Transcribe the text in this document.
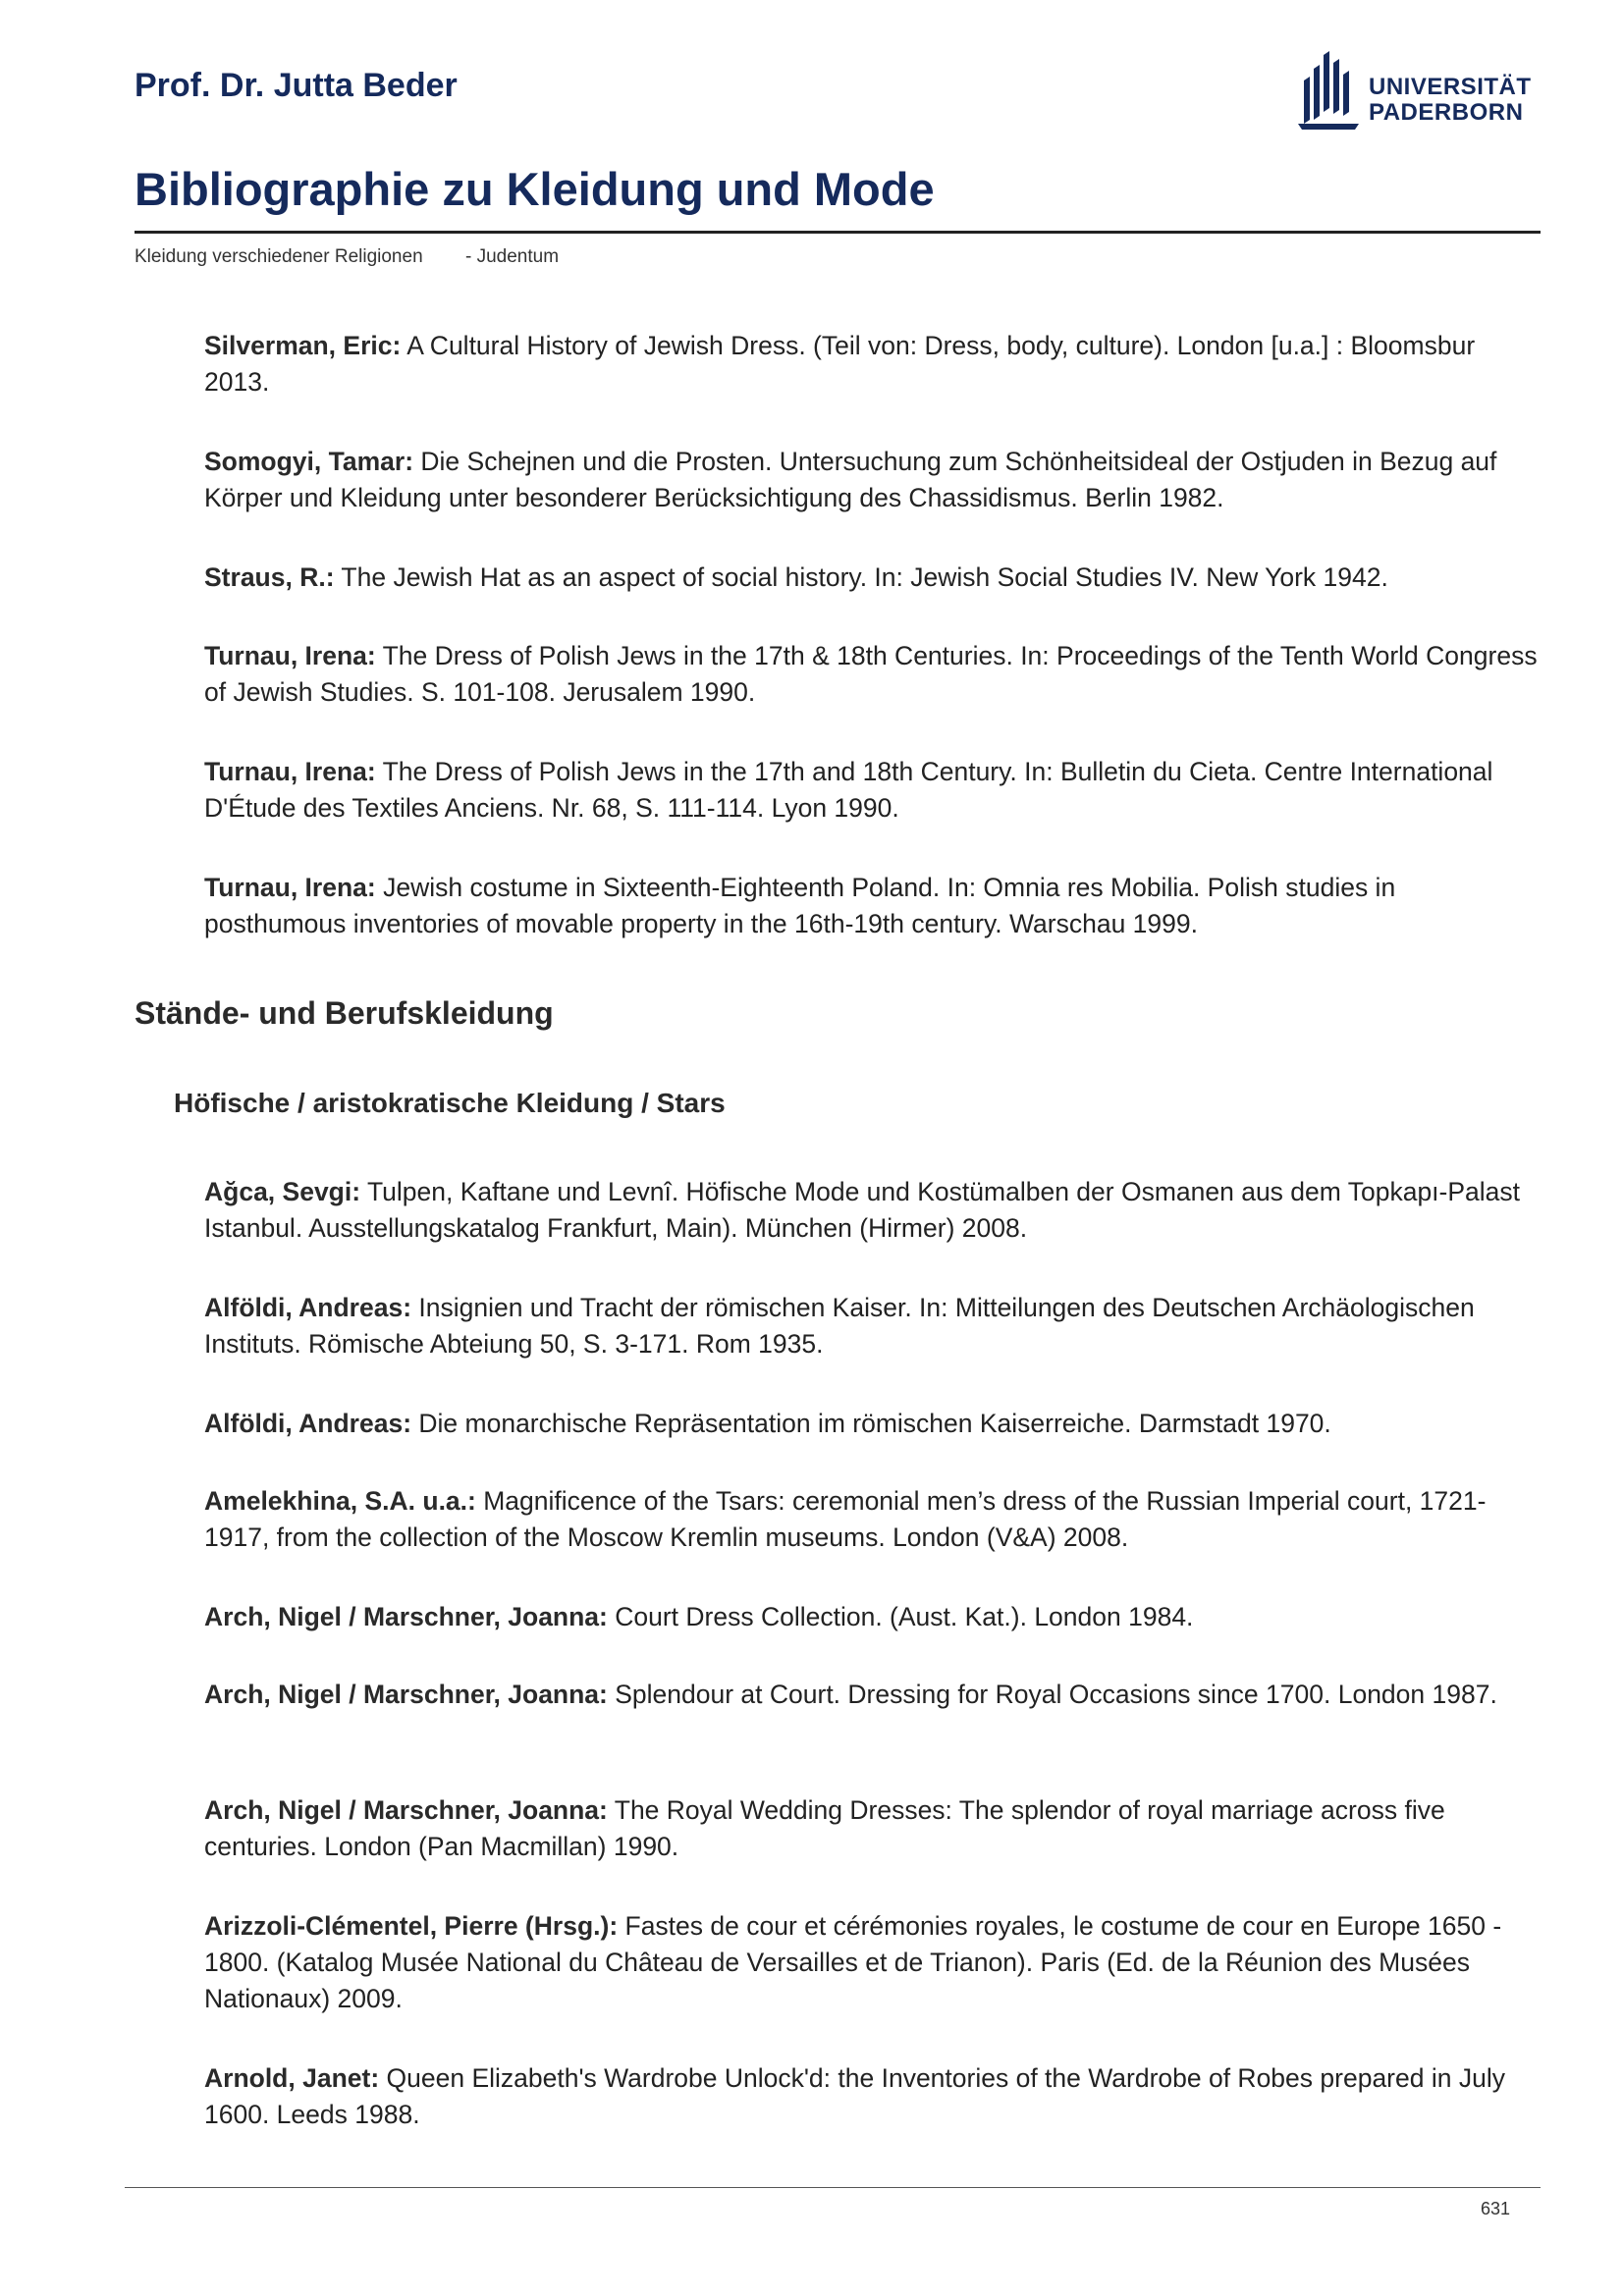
Prof. Dr. Jutta Beder	UNIVERSITÄT
PADERBORN
Bibliographie zu Kleidung und Mode
Kleidung verschiedener Religionen - Judentum
Silverman, Eric: A Cultural History of Jewish Dress. (Teil von: Dress, body, culture). London [u.a.] : Bloomsbur 2013.
Somogyi, Tamar: Die Schejnen und die Prosten. Untersuchung zum Schönheitsideal der Ostjuden in Bezug auf Körper und Kleidung unter besonderer Berücksichtigung des Chassidismus. Berlin 1982.
Straus, R.: The Jewish Hat as an aspect of social history. In: Jewish Social Studies IV. New York 1942.
Turnau, Irena: The Dress of Polish Jews in the 17th & 18th Centuries. In: Proceedings of the Tenth World Congress of Jewish Studies. S. 101-108. Jerusalem 1990.
Turnau, Irena: The Dress of Polish Jews in the 17th and 18th Century. In: Bulletin du Cieta. Centre International D'Étude des Textiles Anciens. Nr. 68, S. 111-114. Lyon 1990.
Turnau, Irena: Jewish costume in Sixteenth-Eighteenth Poland. In: Omnia res Mobilia. Polish studies in posthumous inventories of movable property in the 16th-19th century. Warschau 1999.
Stände- und Berufskleidung
Höfische / aristokratische Kleidung / Stars
Ağca, Sevgi: Tulpen, Kaftane und Levnî. Höfische Mode und Kostümalben der Osmanen aus dem Topkapı-Palast Istanbul. Ausstellungskatalog Frankfurt, Main). München (Hirmer) 2008.
Alföldi, Andreas: Insignien und Tracht der römischen Kaiser. In: Mitteilungen des Deutschen Archäologischen Instituts. Römische Abteiung 50, S. 3-171. Rom 1935.
Alföldi, Andreas: Die monarchische Repräsentation im römischen Kaiserreiche. Darmstadt 1970.
Amelekhina, S.A. u.a.: Magnificence of the Tsars: ceremonial men’s dress of the Russian Imperial court, 1721-1917, from the collection of the Moscow Kremlin museums. London (V&A) 2008.
Arch, Nigel / Marschner, Joanna: Court Dress Collection. (Aust. Kat.). London 1984.
Arch, Nigel / Marschner, Joanna: Splendour at Court. Dressing for Royal Occasions since 1700. London 1987.
Arch, Nigel / Marschner, Joanna: The Royal Wedding Dresses: The splendor of royal marriage across five centuries. London (Pan Macmillan) 1990.
Arizzoli-Clémentel, Pierre (Hrsg.): Fastes de cour et cérémonies royales, le costume de cour en Europe 1650 - 1800. (Katalog Musée National du Château de Versailles et de Trianon). Paris (Ed. de la Réunion des Musées Nationaux) 2009.
Arnold, Janet: Queen Elizabeth's Wardrobe Unlock'd: the Inventories of the Wardrobe of Robes prepared in July 1600. Leeds 1988.
631
